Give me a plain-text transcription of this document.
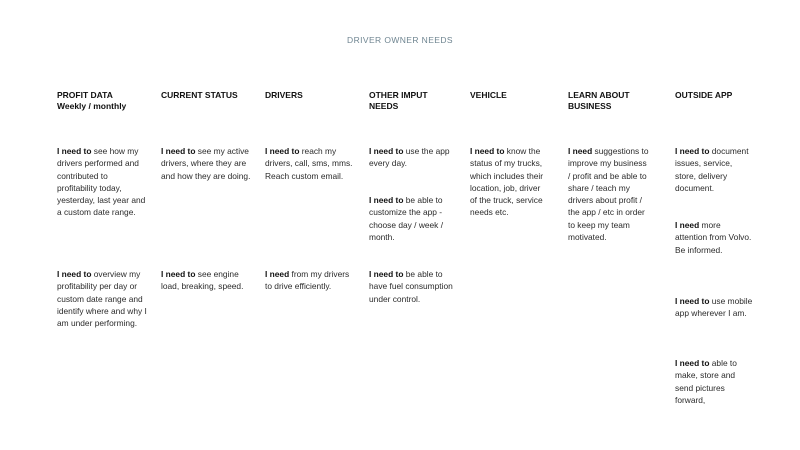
DRIVER OWNER NEEDS
PROFIT DATA
Weekly / monthly
I need to see how my drivers performed and contributed to profitability today, yesterday, last year and a custom date range.
I need to overview my profitability per day or custom date range and identify where and why I am under performing.
CURRENT STATUS
I need to see my active drivers, where they are and how they are doing.
I need to see engine load, breaking, speed.
DRIVERS
I need to reach my drivers, call, sms, mms. Reach custom email.
I need from my drivers to drive efficiently.
OTHER IMPUT NEEDS
I need to use the app every day.
I need to be able to customize the app - choose day / week / month.
I need to be able to have fuel consumption under control.
VEHICLE
I need to know the status of my trucks, which includes their location, job, driver of the truck, service needs etc.
LEARN ABOUT BUSINESS
I need suggestions to improve my business / profit and be able to share / teach my drivers about profit / the app / etc in order to keep my team motivated.
OUTSIDE APP
I need to document issues, service, store, delivery document.
I need more attention from Volvo. Be informed.
I need to use mobile app wherever I am.
I need to able to make, store and send pictures forward,
